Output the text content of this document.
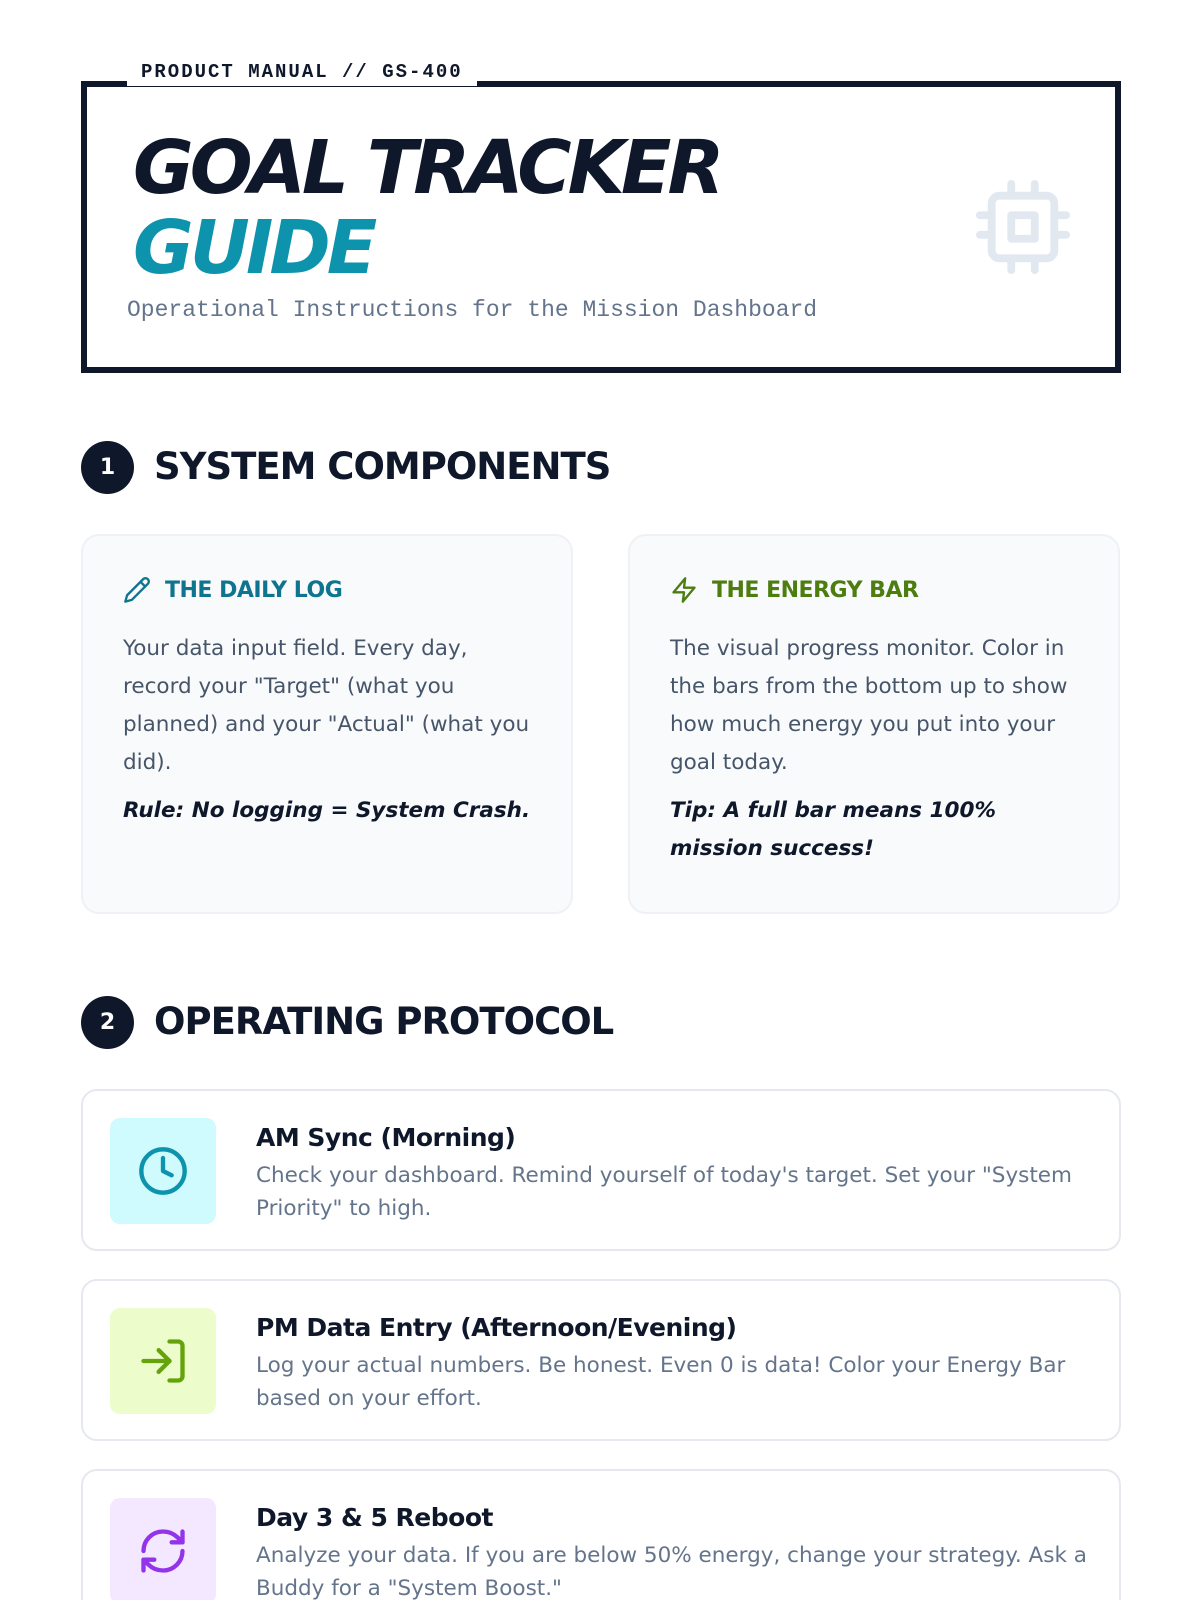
PRODUCT MANUAL // GS-400
GOAL TRACKER
GUIDE
Operational Instructions for the Mission Dashboard
1	SYSTEM COMPONENTS
THE DAILY LOG

Your data input field. Every day, record your "Target" (what you planned) and your "Actual" (what you did).

Rule: No logging = System Crash.

THE ENERGY BAR

The visual progress monitor. Color in the bars from the bottom up to show how much energy you put into your goal today.

Tip: A full bar means 100% mission success!

2	OPERATING PROTOCOL
AM Sync (Morning)
Check your dashboard. Remind yourself of today's target. Set your "System Priority" to high.
PM Data Entry (Afternoon/Evening)
Log your actual numbers. Be honest. Even 0 is data! Color your Energy Bar based on your effort.
Day 3 & 5 Reboot
Analyze your data. If you are below 50% energy, change your strategy. Ask a Buddy for a "System Boost."
